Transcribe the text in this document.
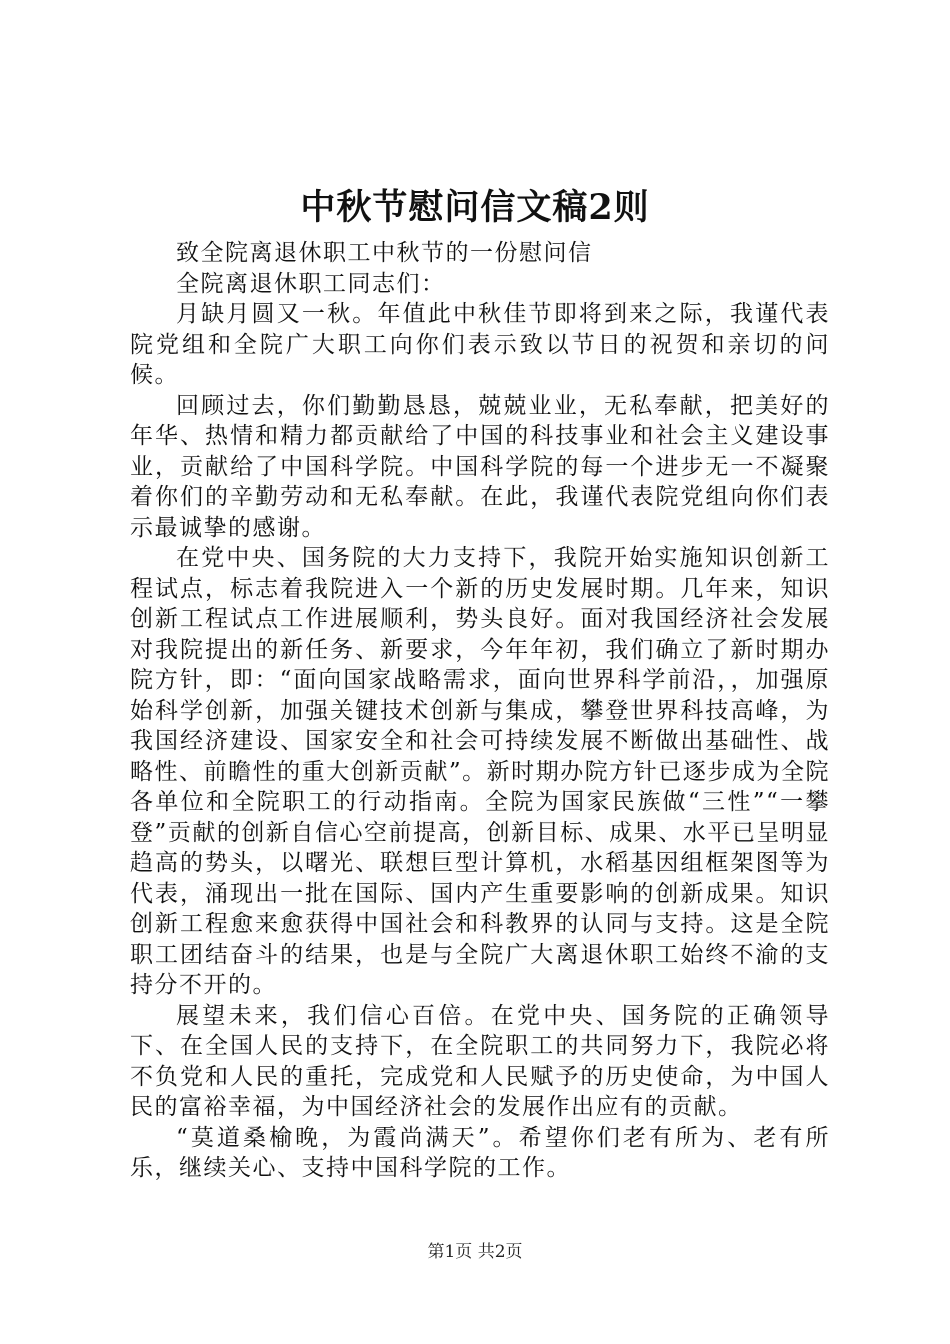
中秋节慰问信文稿2则

致全院离退休职工中秋节的一份慰问信

全院离退休职工同志们：

月缺月圆又一秋。年值此中秋佳节即将到来之际，我谨代表院党组和全院广大职工向你们表示致以节日的祝贺和亲切的问候。

回顾过去，你们勤勤恳恳，兢兢业业，无私奉献，把美好的年华、热情和精力都贡献给了中国的科技事业和社会主义建设事业，贡献给了中国科学院。中国科学院的每一个进步无一不凝聚着你们的辛勤劳动和无私奉献。在此，我谨代表院党组向你们表示最诚挚的感谢。

在党中央、国务院的大力支持下，我院开始实施知识创新工程试点，标志着我院进入一个新的历史发展时期。几年来，知识创新工程试点工作进展顺利，势头良好。面对我国经济社会发展对我院提出的新任务、新要求，今年年初，我们确立了新时期办院方针，即：“面向国家战略需求，面向世界科学前沿，，加强原始科学创新，加强关键技术创新与集成，攀登世界科技高峰，为我国经济建设、国家安全和社会可持续发展不断做出基础性、战略性、前瞻性的重大创新贡献”。新时期办院方针已逐步成为全院各单位和全院职工的行动指南。全院为国家民族做“三性”“一攀登”贡献的创新自信心空前提高，创新目标、成果、水平已呈明显趋高的势头，以曙光、联想巨型计算机，水稻基因组框架图等为代表，涌现出一批在国际、国内产生重要影响的创新成果。知识创新工程愈来愈获得中国社会和科教界的认同与支持。这是全院职工团结奋斗的结果，也是与全院广大离退休职工始终不渝的支持分不开的。

展望未来，我们信心百倍。在党中央、国务院的正确领导下、在全国人民的支持下，在全院职工的共同努力下，我院必将不负党和人民的重托，完成党和人民赋予的历史使命，为中国人民的富裕幸福，为中国经济社会的发展作出应有的贡献。

“莫道桑榆晚，为霞尚满天”。希望你们老有所为、老有所乐，继续关心、支持中国科学院的工作。

第1页 共2页
